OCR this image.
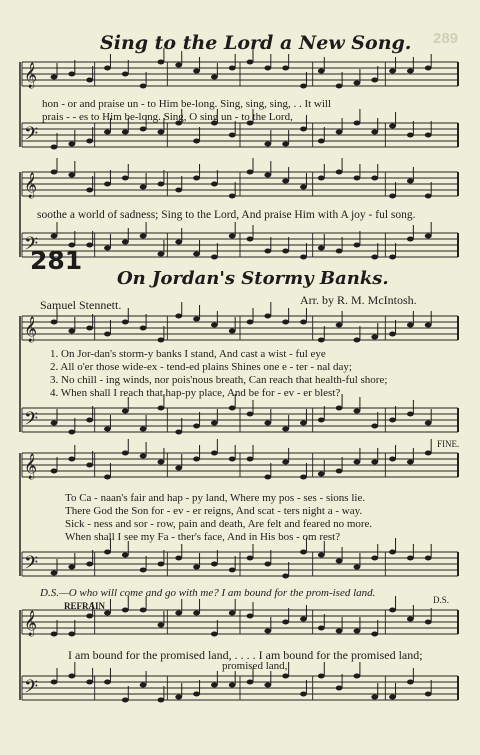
𝄞
𝄢
𝄞
𝄢
𝄞
𝄢
𝄞
𝄢
𝄞
𝄢
289
Sing to the Lord a New Song.
hon - or and praise un - to Him be-long. Sing, sing, sing, . . It will
prais - - es to Him be-long. Sing, O sing un - to the Lord,
soothe a world of sadness; Sing to the Lord, And praise Him with A joy - ful song.
281
On Jordan's Stormy Banks.
Samuel Stennett.	Arr. by R. M. McIntosh.
1. On Jor-dan's storm-y banks I stand, And cast a wist - ful eye
2. All o'er those wide-ex - tend-ed plains Shines one e - ter - nal day;
3. No chill - ing winds, nor pois'nous breath, Can reach that health-ful shore;
4. When shall I reach that hap-py place, And be for - ev - er blest?
FINE.
To Ca - naan's fair and hap - py land, Where my pos - ses - sions lie.
There God the Son for - ev - er reigns, And scat - ters night a - way.
Sick - ness and sor - row, pain and death, Are felt and feared no more.
When shall I see my Fa - ther's face, And in His bos - om rest?
D.S.—O who will come and go with me? I am bound for the prom-ised land.
D.S.
REFRAIN
I am bound for the promised land, . . . . I am bound for the promised land;
promised land,
